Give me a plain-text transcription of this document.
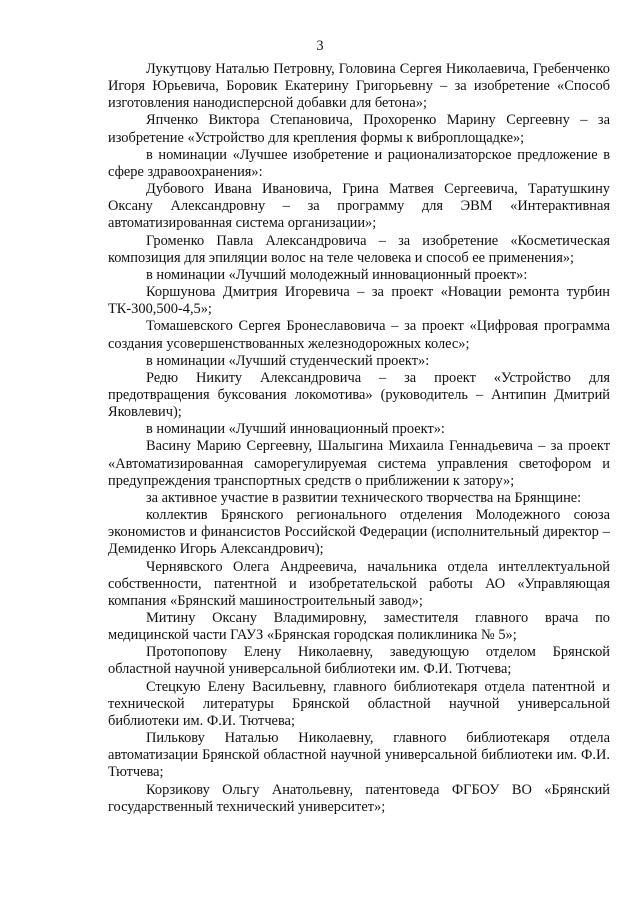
3

Лукутцову Наталью Петровну, Головина Сергея Николаевича, Гребенченко Игоря Юрьевича, Боровик Екатерину Григорьевну – за изобретение «Способ изготовления нанодисперсной добавки для бетона»;

Япченко Виктора Степановича, Прохоренко Марину Сергеевну – за изобретение «Устройство для крепления формы к виброплощадке»;

в номинации «Лучшее изобретение и рационализаторское предложение в сфере здравоохранения»:

Дубового Ивана Ивановича, Грина Матвея Сергеевича, Таратушкину Оксану Александровну – за программу для ЭВМ «Интерактивная автоматизированная система организации»;

Громенко Павла Александровича – за изобретение «Косметическая композиция для эпиляции волос на теле человека и способ ее применения»;

в номинации «Лучший молодежный инновационный проект»:

Коршунова Дмитрия Игоревича – за проект «Новации ремонта турбин ТК-300,500-4,5»;

Томашевского Сергея Бронеславовича – за проект «Цифровая программа создания усовершенствованных железнодорожных колес»;

в номинации «Лучший студенческий проект»:

Редю Никиту Александровича – за проект «Устройство для предотвращения буксования локомотива» (руководитель – Антипин Дмитрий Яковлевич);

в номинации «Лучший инновационный проект»:

Васину Марию Сергеевну, Шалыгина Михаила Геннадьевича – за проект «Автоматизированная саморегулируемая система управления светофором и предупреждения транспортных средств о приближении к затору»;

за активное участие в развитии технического творчества на Брянщине:

коллектив Брянского регионального отделения Молодежного союза экономистов и финансистов Российской Федерации (исполнительный директор – Демиденко Игорь Александрович);

Чернявского Олега Андреевича, начальника отдела интеллектуальной собственности, патентной и изобретательской работы АО «Управляющая компания «Брянский машиностроительный завод»;

Митину Оксану Владимировну, заместителя главного врача по медицинской части ГАУЗ «Брянская городская поликлиника № 5»;

Протопопову Елену Николаевну, заведующую отделом Брянской областной научной универсальной библиотеки им. Ф.И. Тютчева;

Стецкую Елену Васильевну, главного библиотекаря отдела патентной и технической литературы Брянской областной научной универсальной библиотеки им. Ф.И. Тютчева;

Пилькову Наталью Николаевну, главного библиотекаря отдела автоматизации Брянской областной научной универсальной библиотеки им. Ф.И. Тютчева;

Корзикову Ольгу Анатольевну, патентоведа ФГБОУ ВО «Брянский государственный технический университет»;
